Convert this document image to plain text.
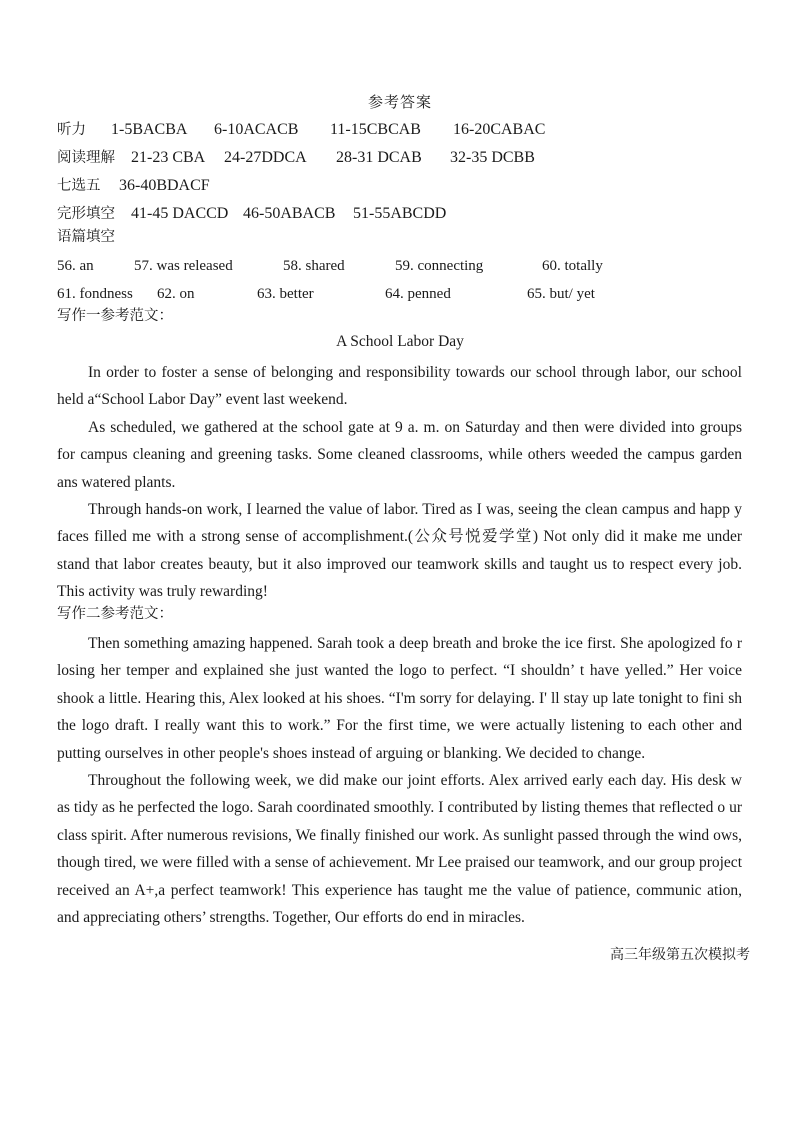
参考答案
听力 1-5BACBA 6-10ACACB 11-15CBCAB 16-20CABAC
阅读理解 21-23 CBA 24-27DDCA 28-31 DCAB 32-35 DCBB
七选五 36-40BDACF
完形填空 41-45 DACCD 46-50ABACB 51-55ABCDD
语篇填空
56. an	57. was released	58. shared	59. connecting	60. totally
61. fondness 62. on	63. better	64. penned	65. but/ yet
写作一参考范文：
A School Labor Day

In order to foster a sense of belonging and responsibility towards our school through labor, our school held a“School Labor Day” event last weekend.

As scheduled, we gathered at the school gate at 9 a. m. on Saturday and then were divided into groups for campus cleaning and greening tasks. Some cleaned classrooms, while others weeded the campus garden ans watered plants.

Through hands-on work, I learned the value of labor. Tired as I was, seeing the clean campus and happ y faces filled me with a strong sense of accomplishment.(公众号悦爱学堂) Not only did it make me under stand that labor creates beauty, but it also improved our teamwork skills and taught us to respect every job. This activity was truly rewarding!

写作二参考范文：

Then something amazing happened. Sarah took a deep breath and broke the ice first. She apologized fo r losing her temper and explained she just wanted the logo to perfect. “I shouldn’ t have yelled.” Her voice shook a little. Hearing this, Alex looked at his shoes. “I'm sorry for delaying. I' ll stay up late tonight to fini sh the logo draft. I really want this to work.” For the first time, we were actually listening to each other and putting ourselves in other people's shoes instead of arguing or blanking. We decided to change.

Throughout the following week, we did make our joint efforts. Alex arrived early each day. His desk w as tidy as he perfected the logo. Sarah coordinated smoothly. I contributed by listing themes that reflected o ur class spirit. After numerous revisions, We finally finished our work. As sunlight passed through the wind ows, though tired, we were filled with a sense of achievement. Mr Lee praised our teamwork, and our group project received an A+,a perfect teamwork! This experience has taught me the value of patience, communic ation, and appreciating others’ strengths. Together, Our efforts do end in miracles.

高三年级第五次模拟考
